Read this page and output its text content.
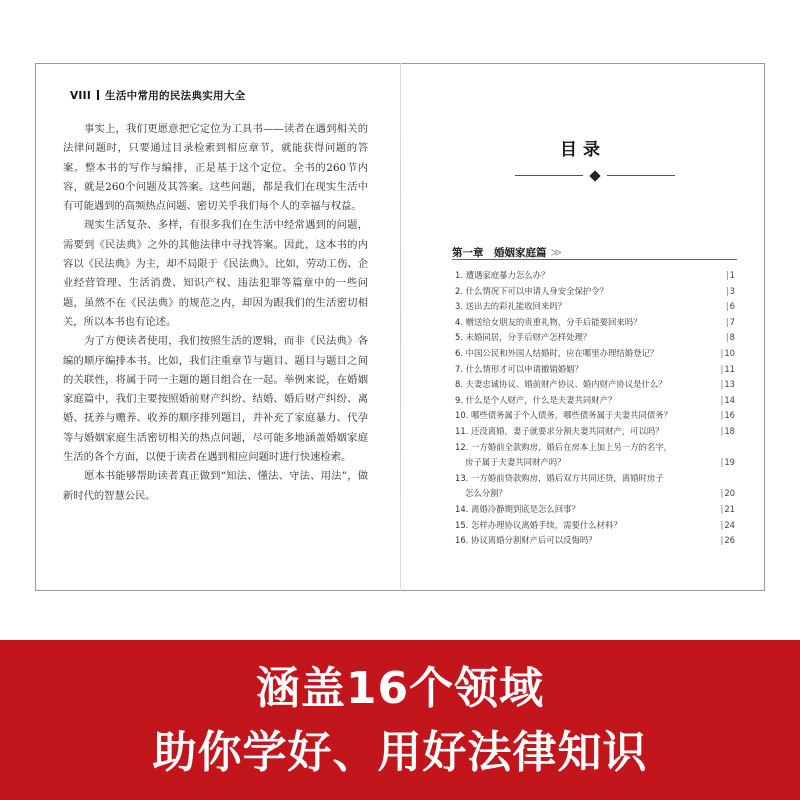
VIII 生活中常用的民法典实用大全

事实上，我们更愿意把它定位为工具书——读者在遇到相关的法律问题时，只要通过目录检索到相应章节，就能获得问题的答案。整本书的写作与编排，正是基于这个定位。全书的260节内容，就是260个问题及其答案。这些问题，都是我们在现实生活中有可能遇到的高频热点问题、密切关乎我们每个人的幸福与权益。

现实生活复杂、多样，有很多我们在生活中经常遇到的问题，需要到《民法典》之外的其他法律中寻找答案。因此，这本书的内容以《民法典》为主，却不局限于《民法典》。比如，劳动工伤、企业经营管理、生活消费、知识产权、违法犯罪等篇章中的一些问题，虽然不在《民法典》的规范之内，却因为跟我们的生活密切相关，所以本书也有论述。

为了方便读者使用，我们按照生活的逻辑，而非《民法典》各编的顺序编排本书。比如，我们注重章节与题目、题目与题目之间的关联性，将属于同一主题的题目组合在一起。举例来说，在婚姻家庭篇中，我们主要按照婚前财产纠纷、结婚、婚后财产纠纷、离婚、抚养与赡养、收养的顺序排列题目，并补充了家庭暴力、代孕等与婚姻家庭生活密切相关的热点问题，尽可能多地涵盖婚姻家庭生活的各个方面，以便于读者在遇到相应问题时进行快速检索。

愿本书能够帮助读者真正做到“知法、懂法、守法、用法”，做新时代的智慧公民。

目录
第一章　婚姻家庭篇 ≫
1. 遭遇家庭暴力怎么办？	| 1
2. 什么情况下可以申请人身安全保护令？	| 3
3. 送出去的彩礼能收回来吗？	| 6
4. 赠送给女朋友的贵重礼物，分手后能要回来吗？	| 7
5. 未婚同居，分手后财产怎样处理？	| 8
6. 中国公民和外国人结婚时，应在哪里办理结婚登记？	| 10
7. 什么情形才可以申请撤销婚姻？	| 11
8. 夫妻忠诚协议、婚前财产协议、婚内财产协议是什么？	| 13
9. 什么是个人财产，什么是夫妻共同财产？	| 14
10. 哪些债务属于个人债务，哪些债务属于夫妻共同债务？	| 16
11. 还没离婚，妻子就要求分割夫妻共同财产，可以吗？	| 18
12. 一方婚前全款购房，婚后在房本上加上另一方的名字，
房子属于夫妻共同财产吗？	| 19
13. 一方婚前贷款购房，婚后双方共同还贷，离婚时房子
怎么分割？	| 20
14. 离婚冷静期到底是怎么回事？	| 21
15. 怎样办理协议离婚手续，需要什么材料？	| 24
16. 协议离婚分割财产后可以反悔吗？	| 26
涵盖16个领域
助你学好、用好法律知识
